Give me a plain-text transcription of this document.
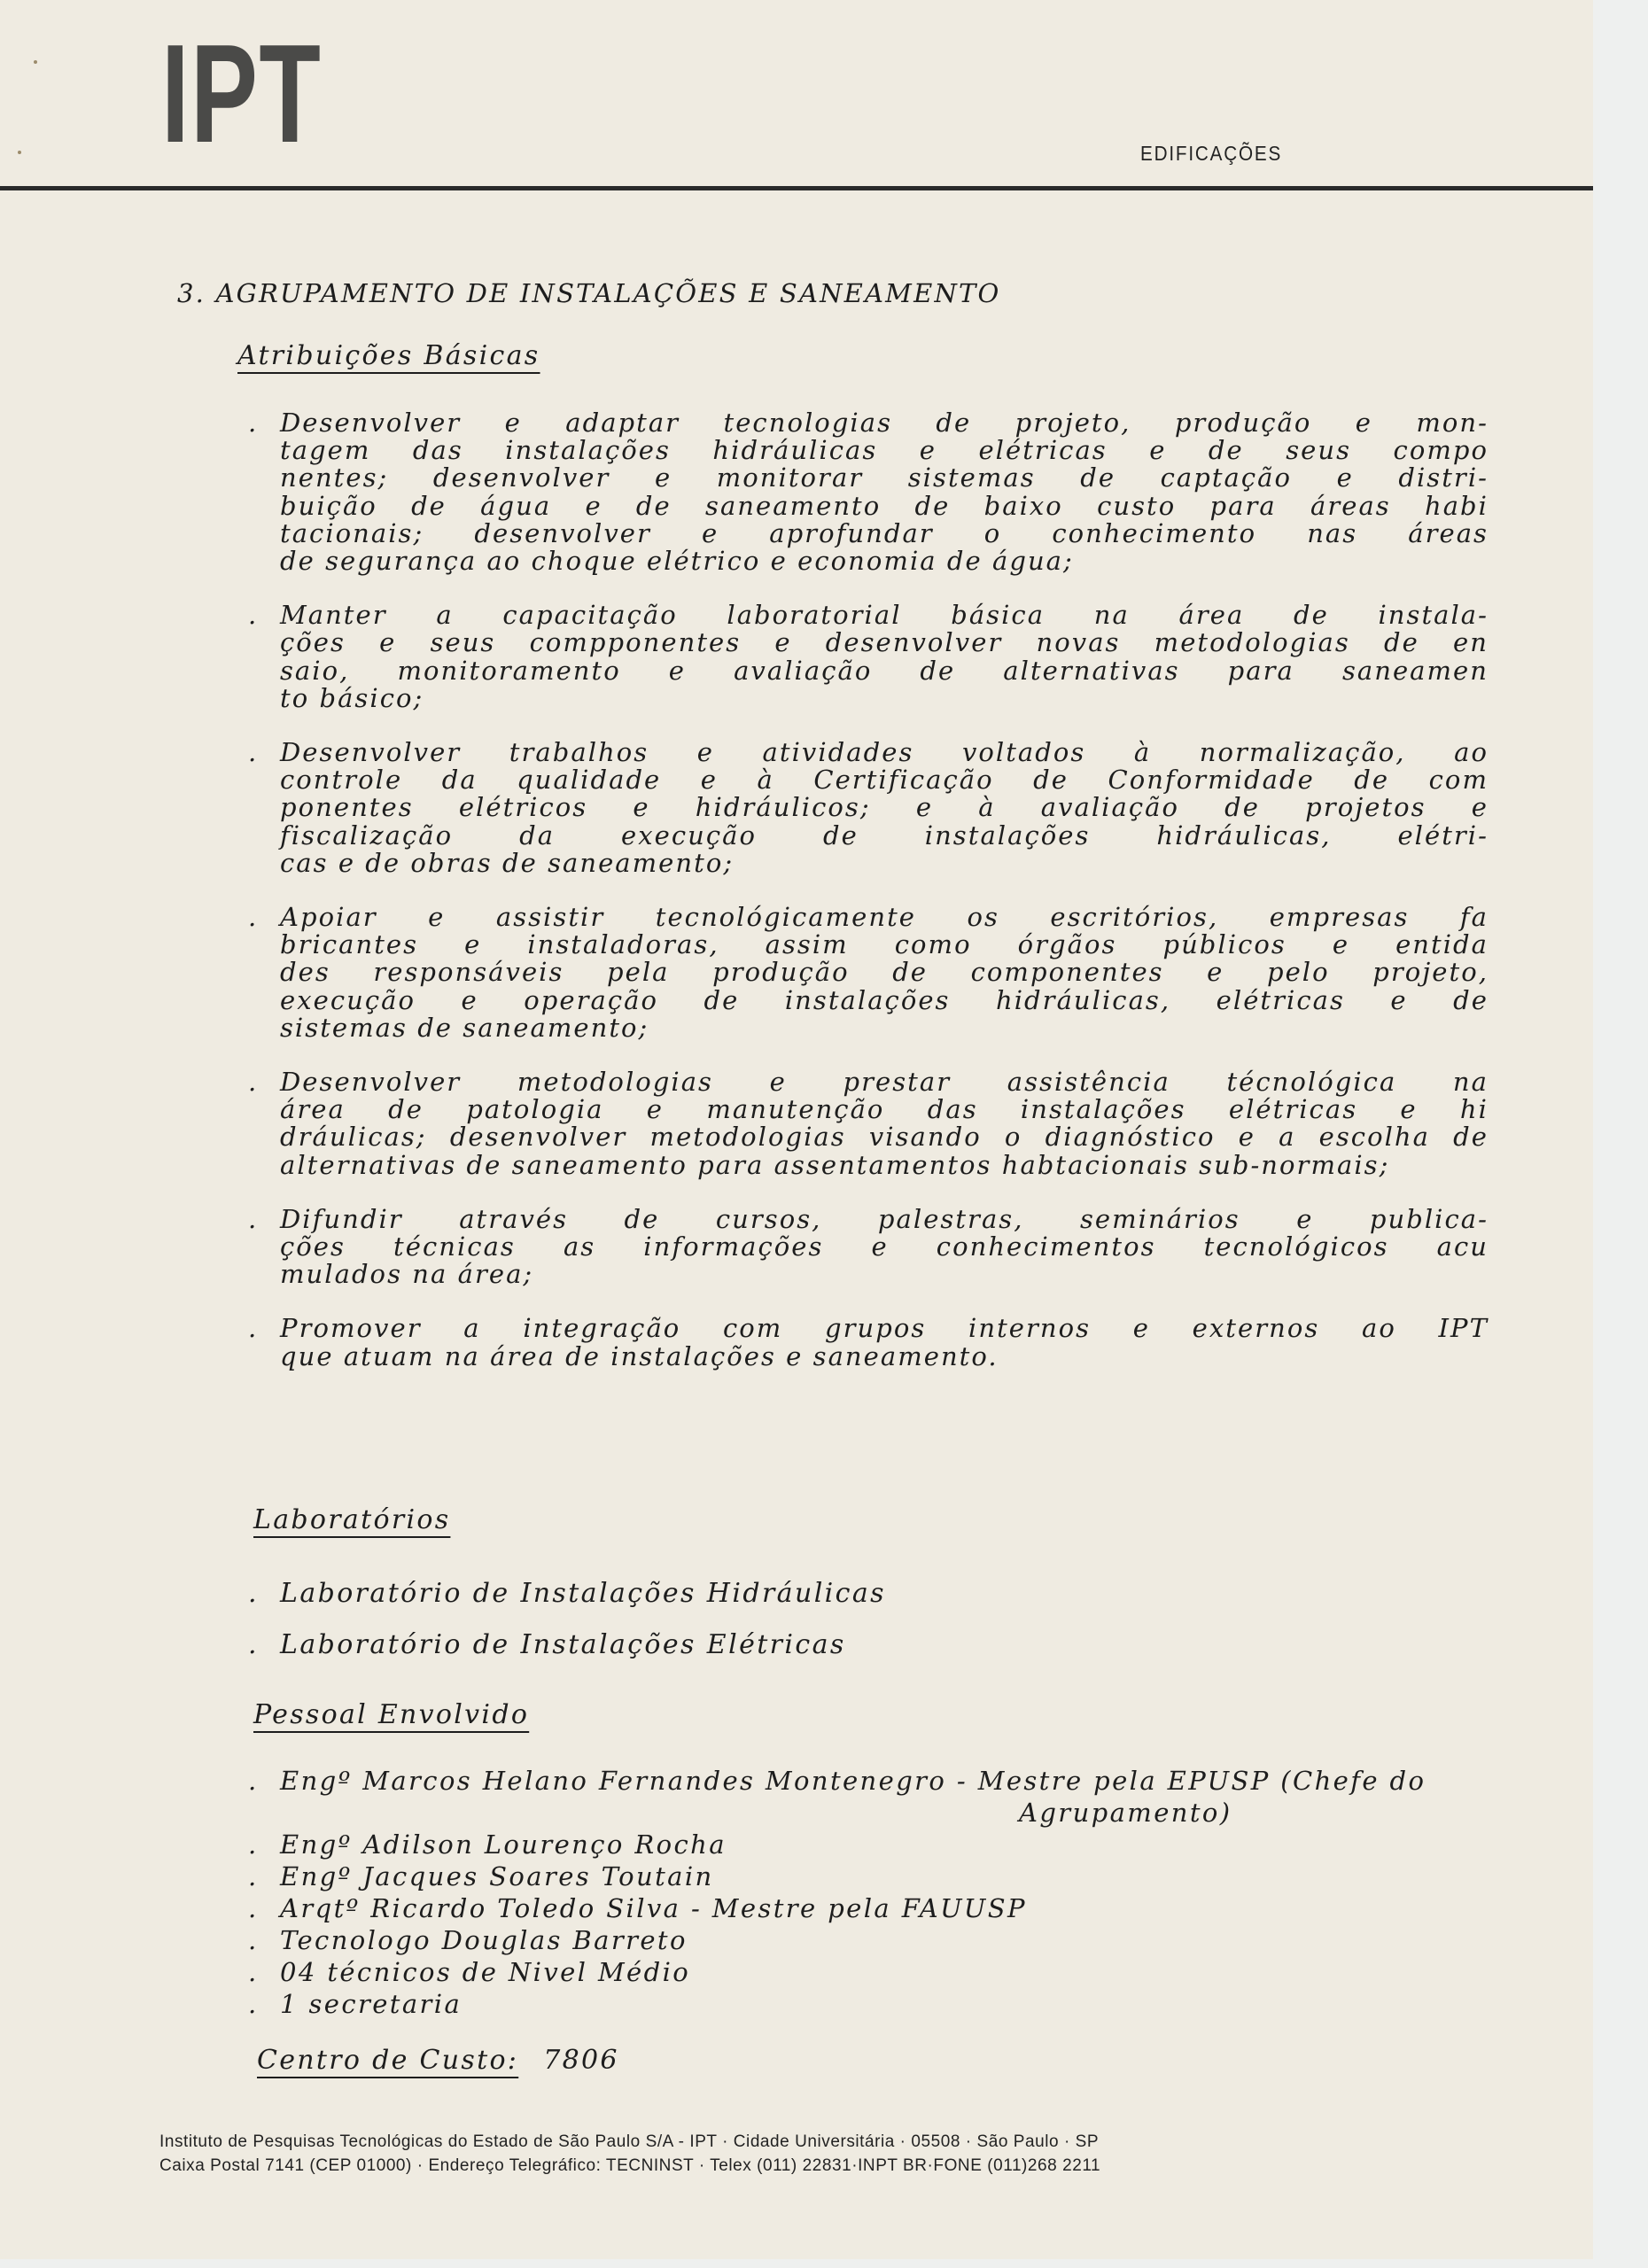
IPT	EDIFICAÇÕES
3. AGRUPAMENTO DE INSTALAÇÕES E SANEAMENTO
Atribuições Básicas
. Desenvolver e adaptar tecnologias de projeto, produção e mon-
tagem das instalações hidráulicas e elétricas e de seus compo
nentes; desenvolver e monitorar sistemas de captação e distri-
buição de água e de saneamento de baixo custo para áreas habi
tacionais; desenvolver e aprofundar o conhecimento nas áreas
de segurança ao choque elétrico e economia de água;
. Manter a capacitação laboratorial básica na área de instala-
ções e seus compponentes e desenvolver novas metodologias de en
saio, monitoramento e avaliação de alternativas para saneamen
to básico;
. Desenvolver trabalhos e atividades voltados à normalização, ao
controle da qualidade e à Certificação de Conformidade de com
ponentes elétricos e hidráulicos; e à avaliação de projetos e
fiscalização da execução de instalações hidráulicas, elétri-
cas e de obras de saneamento;
. Apoiar e assistir tecnológicamente os escritórios, empresas fa
bricantes e instaladoras, assim como órgãos públicos e entida
des responsáveis pela produção de componentes e pelo projeto,
execução e operação de instalações hidráulicas, elétricas e de
sistemas de saneamento;
. Desenvolver metodologias e prestar assistência técnológica na
área de patologia e manutenção das instalações elétricas e hi
dráulicas; desenvolver metodologias visando o diagnóstico e a escolha de
alternativas de saneamento para assentamentos habtacionais sub-normais;
. Difundir através de cursos, palestras, seminários e publica-
ções técnicas as informações e conhecimentos tecnológicos acu
mulados na área;
. Promover a integração com grupos internos e externos ao IPT
que atuam na área de instalações e saneamento.
Laboratórios
. Laboratório de Instalações Hidráulicas
. Laboratório de Instalações Elétricas
Pessoal Envolvido
. Engº Marcos Helano Fernandes Montenegro - Mestre pela EPUSP (Chefe do
Agrupamento)
. Engº Adilson Lourenço Rocha
. Engº Jacques Soares Toutain
. Arqtº Ricardo Toledo Silva - Mestre pela FAUUSP
. Tecnologo Douglas Barreto
. 04 técnicos de Nivel Médio
. 1 secretaria
Centro de Custo: 7806
Instituto de Pesquisas Tecnológicas do Estado de São Paulo S/A - IPT · Cidade Universitária · 05508 · São Paulo · SP
Caixa Postal 7141 (CEP 01000) · Endereço Telegráfico: TECNINST · Telex (011) 22831·INPT BR·FONE (011)268 2211
